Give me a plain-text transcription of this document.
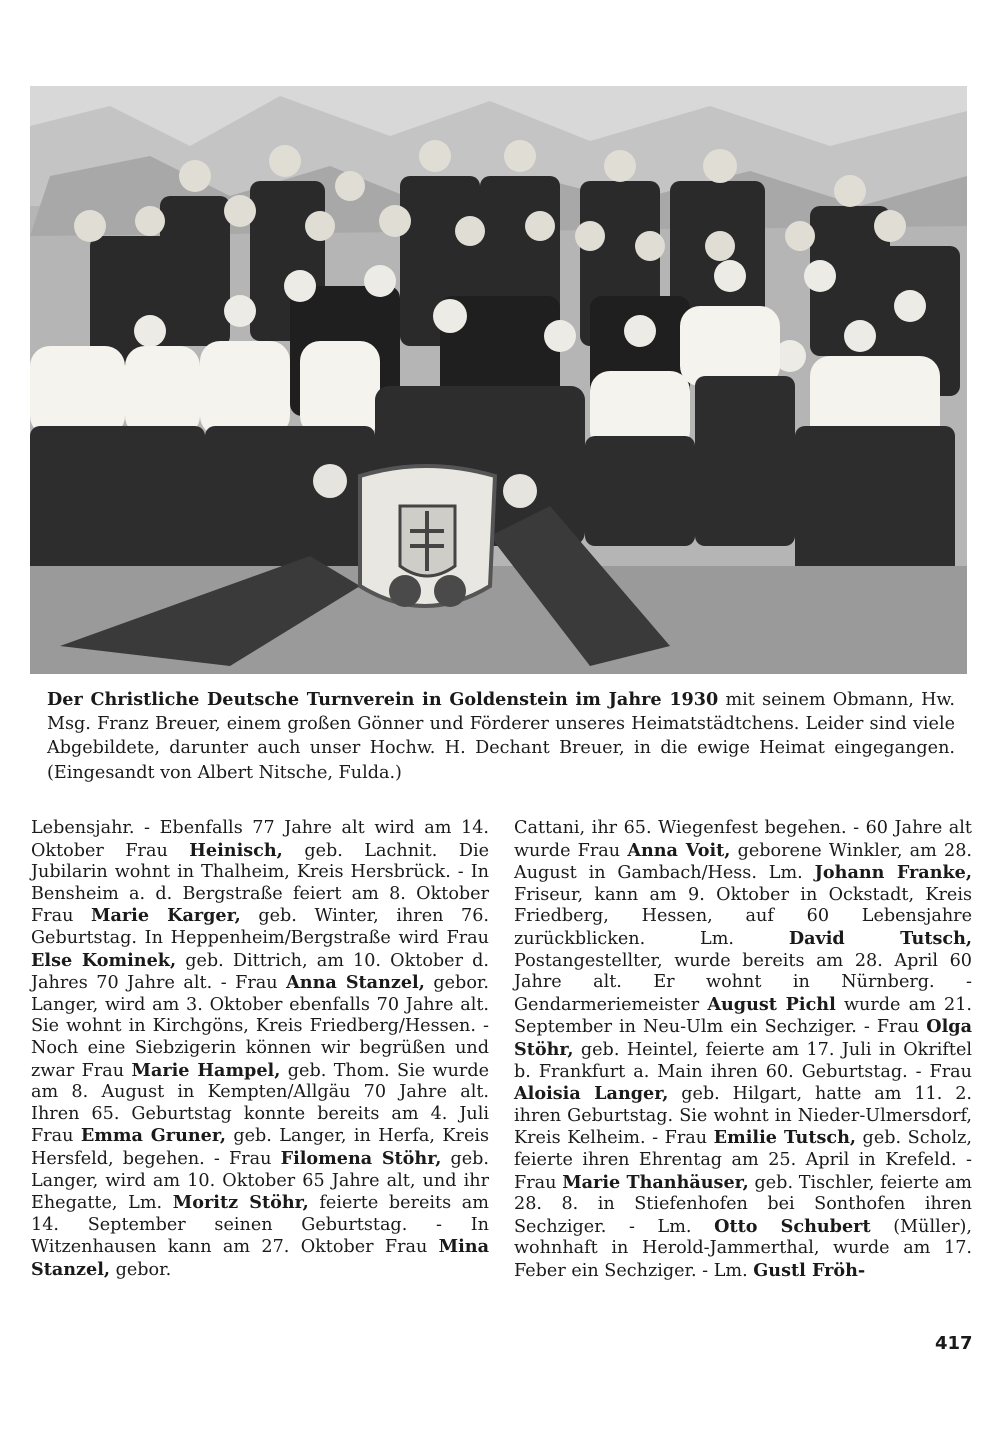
Der Christliche Deutsche Turnverein in Goldenstein im Jahre 1930 mit seinem Obmann, Hw. Msg. Franz Breuer, einem großen Gönner und Förderer unseres Heimatstädtchens. Leider sind viele Abgebildete, darunter auch unser Hochw. H. Dechant Breuer, in die ewige Heimat eingegangen. (Eingesandt von Albert Nitsche, Fulda.)
Lebensjahr. - Ebenfalls 77 Jahre alt wird am 14. Oktober Frau Heinisch, geb. Lachnit. Die Jubilarin wohnt in Thalheim, Kreis Hersbrück. - In Bensheim a. d. Bergstraße feiert am 8. Oktober Frau Marie Karger, geb. Winter, ihren 76. Geburtstag. In Heppenheim/Bergstraße wird Frau Else Kominek, geb. Dittrich, am 10. Oktober d. Jahres 70 Jahre alt. - Frau Anna Stanzel, gebor. Langer, wird am 3. Oktober ebenfalls 70 Jahre alt. Sie wohnt in Kirchgöns, Kreis Friedberg/Hessen. - Noch eine Siebzigerin können wir begrüßen und zwar Frau Marie Hampel, geb. Thom. Sie wurde am 8. August in Kempten/Allgäu 70 Jahre alt. Ihren 65. Geburtstag konnte bereits am 4. Juli Frau Emma Gruner, geb. Langer, in Herfa, Kreis Hersfeld, begehen. - Frau Filomena Stöhr, geb. Langer, wird am 10. Oktober 65 Jahre alt, und ihr Ehegatte, Lm. Moritz Stöhr, feierte bereits am 14. September seinen Geburtstag. - In Witzenhausen kann am 27. Oktober Frau Mina Stanzel, gebor.
Cattani, ihr 65. Wiegenfest begehen. - 60 Jahre alt wurde Frau Anna Voit, geborene Winkler, am 28. August in Gambach/Hess. Lm. Johann Franke, Friseur, kann am 9. Oktober in Ockstadt, Kreis Friedberg, Hessen, auf 60 Lebensjahre zurückblicken. Lm. David Tutsch, Postangestellter, wurde bereits am 28. April 60 Jahre alt. Er wohnt in Nürnberg. - Gendarmeriemeister August Pichl wurde am 21. September in Neu-Ulm ein Sechziger. - Frau Olga Stöhr, geb. Heintel, feierte am 17. Juli in Okriftel b. Frankfurt a. Main ihren 60. Geburtstag. - Frau Aloisia Langer, geb. Hilgart, hatte am 11. 2. ihren Geburtstag. Sie wohnt in Nieder-Ulmersdorf, Kreis Kelheim. - Frau Emilie Tutsch, geb. Scholz, feierte ihren Ehrentag am 25. April in Krefeld. - Frau Marie Thanhäuser, geb. Tischler, feierte am 28. 8. in Stiefenhofen bei Sonthofen ihren Sechziger. - Lm. Otto Schubert (Müller), wohnhaft in Herold-Jammerthal, wurde am 17. Feber ein Sechziger. - Lm. Gustl Fröh-
417
